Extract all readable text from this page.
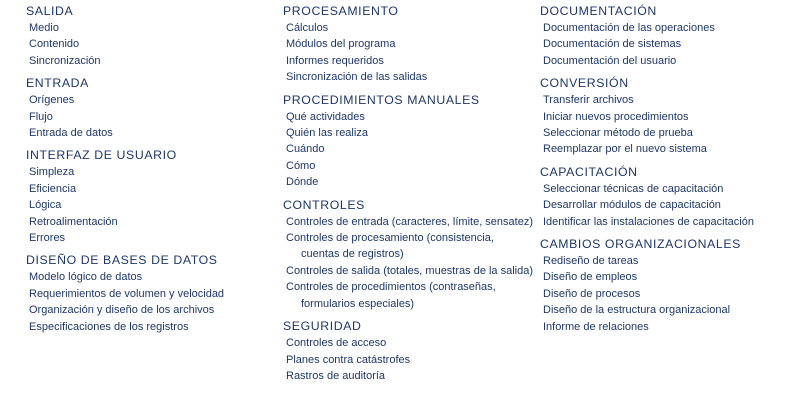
SALIDA
Medio
Contenido
Sincronización
ENTRADA
Orígenes
Flujo
Entrada de datos
INTERFAZ DE USUARIO
Simpleza
Eficiencia
Lógica
Retroalimentación
Errores
DISEÑO DE BASES DE DATOS
Modelo lógico de datos
Requerimientos de volumen y velocidad
Organización y diseño de los archivos
Especificaciones de los registros
PROCESAMIENTO
Cálculos
Módulos del programa
Informes requeridos
Sincronización de las salidas
PROCEDIMIENTOS MANUALES
Qué actividades
Quién las realiza
Cuándo
Cómo
Dónde
CONTROLES
Controles de entrada (caracteres, límite, sensatez)
Controles de procesamiento (consistencia,
cuentas de registros)
Controles de salida (totales, muestras de la salida)
Controles de procedimientos (contraseñas,
formularios especiales)
SEGURIDAD
Controles de acceso
Planes contra catástrofes
Rastros de auditoría
DOCUMENTACIÓN
Documentación de las operaciones
Documentación de sistemas
Documentación del usuario
CONVERSIÓN
Transferir archivos
Iniciar nuevos procedimientos
Seleccionar método de prueba
Reemplazar por el nuevo sistema
CAPACITACIÓN
Seleccionar técnicas de capacitación
Desarrollar módulos de capacitación
Identificar las instalaciones de capacitación
CAMBIOS ORGANIZACIONALES
Rediseño de tareas
Diseño de empleos
Diseño de procesos
Diseño de la estructura organizacional
Informe de relaciones
